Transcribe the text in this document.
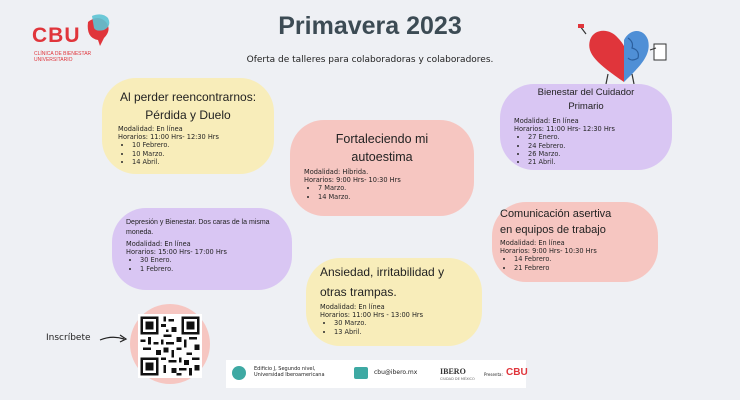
CBU
CLÍNICA DE BIENESTAR UNIVERSITARIO
Primavera 2023
Oferta de talleres para colaboradoras y colaboradores.
Al perder reencontrarnos:
Pérdida y Duelo
Modalidad: En línea
Horarios: 11:00 Hrs- 12:30 Hrs
• 10 Febrero.
• 10 Marzo.
• 14 Abril.
Fortaleciendo mi
autoestima
Modalidad: Híbrida.
Horarios: 9:00 Hrs- 10:30 Hrs
• 7 Marzo.
• 14 Marzo.
Bienestar del Cuidador
Primario
Modalidad: En línea
Horarios: 11:00 Hrs- 12:30 Hrs
• 27 Enero.
• 24 Febrero.
• 26 Marzo.
• 21 Abril.
Depresión y Bienestar. Dos caras de la misma moneda.
Modalidad: En línea
Horarios: 15:00 Hrs- 17:00 Hrs
• 30 Enero.
• 1 Febrero.
Comunicación asertiva
en equipos de trabajo
Modalidad: En línea
Horarios: 9:00 Hrs- 10:30 Hrs
• 14 Febrero.
• 21 Febrero
Ansiedad, irritabilidad y
otras trampas.
Modalidad: En línea
Horarios: 11:00 Hrs - 13:00 Hrs
• 30 Marzo.
• 13 Abril.
Inscríbete
Edificio J, Segundo nivel, Universidad Iberoamericana	cbu@ibero.mx	IBERO
CIUDAD DE MÉXICO
Presenta: CBU
